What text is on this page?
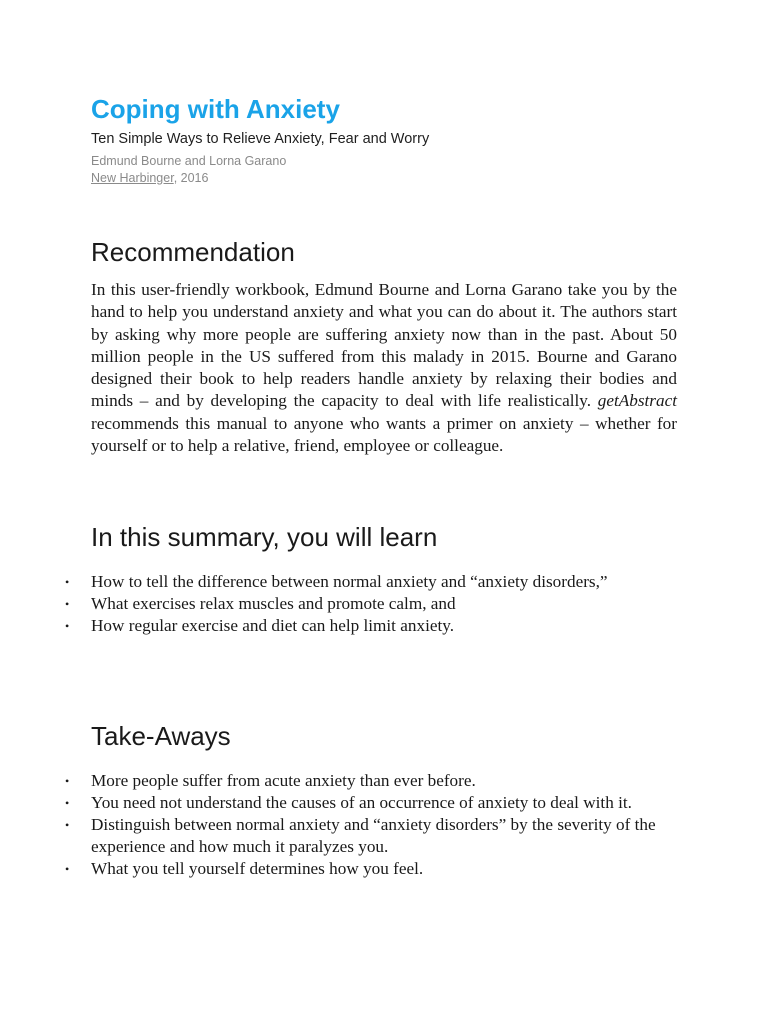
Coping with Anxiety

Ten Simple Ways to Relieve Anxiety, Fear and Worry

Edmund Bourne and Lorna Garano

New Harbinger, 2016

Recommendation

In this user-friendly workbook, Edmund Bourne and Lorna Garano take you by the hand to help you understand anxiety and what you can do about it. The authors start by asking why more people are suffering anxiety now than in the past. About 50 million people in the US suffered from this malady in 2015. Bourne and Garano designed their book to help readers handle anxiety by relaxing their bodies and minds – and by developing the capacity to deal with life realistically. getAbstract recommends this manual to anyone who wants a primer on anxiety – whether for yourself or to help a relative, friend, employee or colleague.

In this summary, you will learn
• How to tell the difference between normal anxiety and “anxiety disorders,”
• What exercises relax muscles and promote calm, and
• How regular exercise and diet can help limit anxiety.
Take-Aways
• More people suffer from acute anxiety than ever before.
• You need not understand the causes of an occurrence of anxiety to deal with it.
• Distinguish between normal anxiety and “anxiety disorders” by the severity of the experience and how much it paralyzes you.
• What you tell yourself determines how you feel.
